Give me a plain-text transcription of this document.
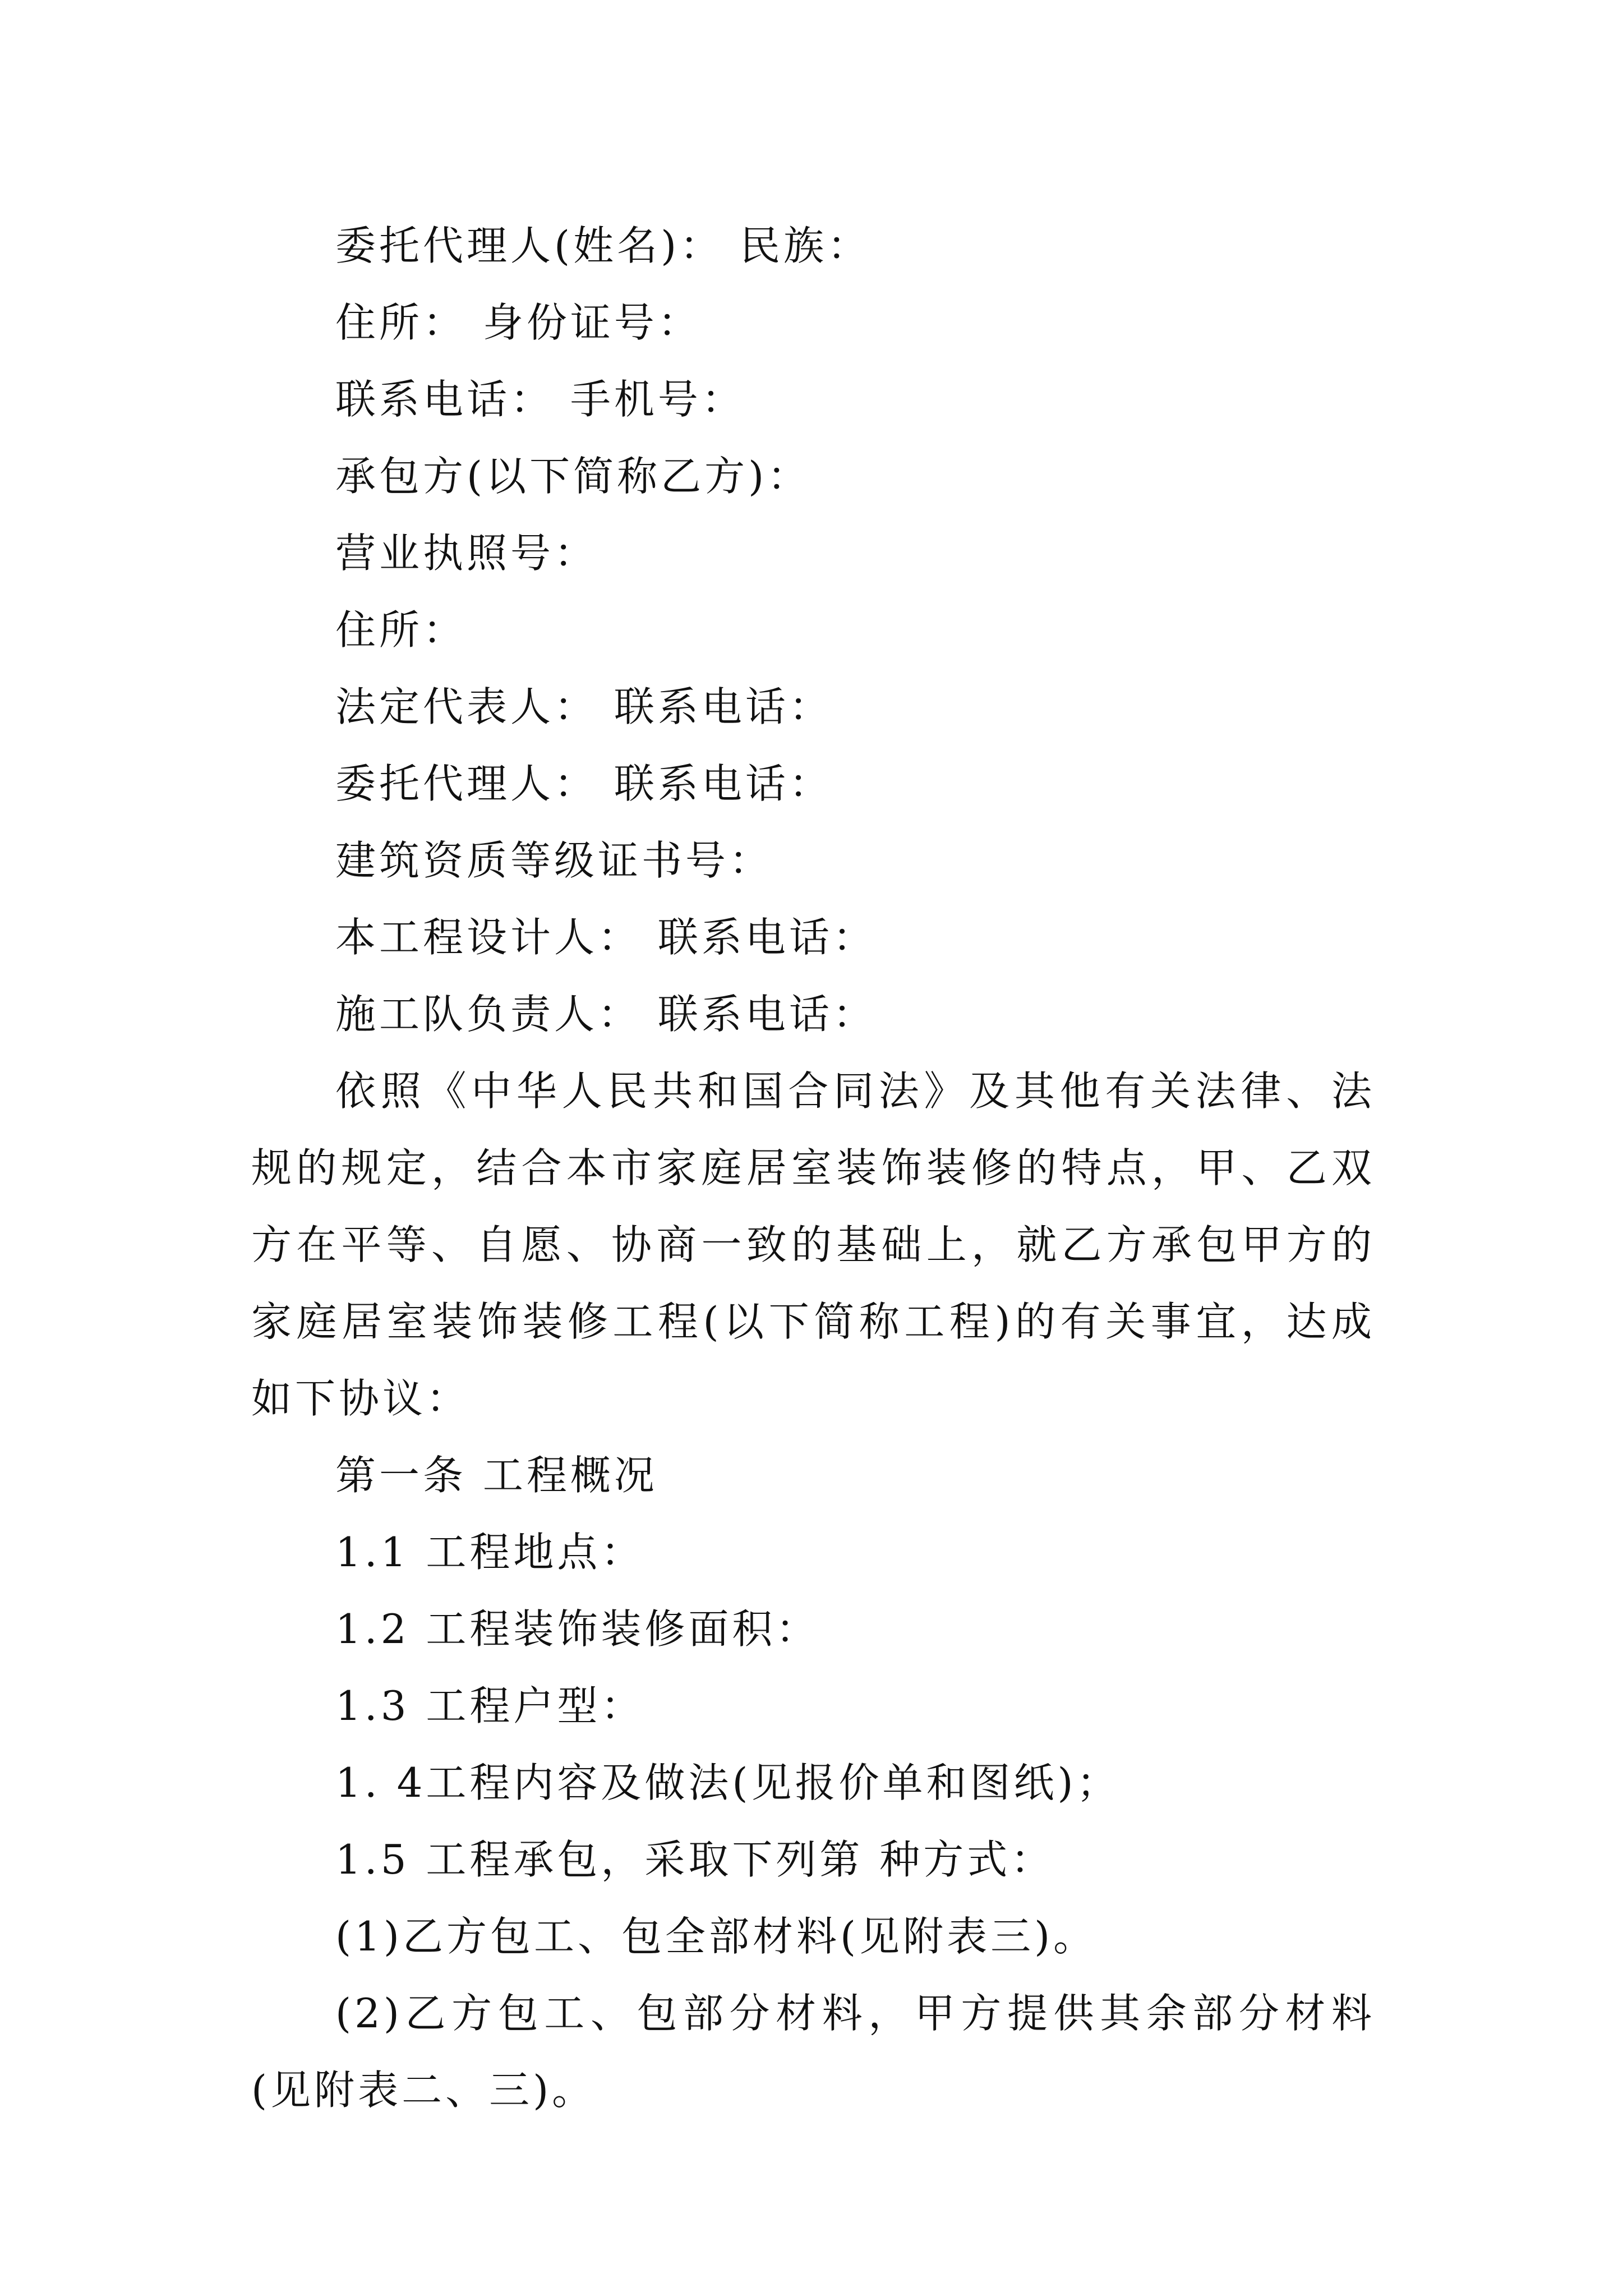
委托代理人(姓名)： 民族：
住所： 身份证号：
联系电话： 手机号：
承包方(以下简称乙方)：
营业执照号：
住所：
法定代表人： 联系电话：
委托代理人： 联系电话：
建筑资质等级证书号：
本工程设计人： 联系电话：
施工队负责人： 联系电话：

依照《中华人民共和国合同法》及其他有关法律、法规的规定，结合本市家庭居室装饰装修的特点，甲、乙双方在平等、自愿、协商一致的基础上，就乙方承包甲方的家庭居室装饰装修工程(以下简称工程)的有关事宜，达成如下协议：

第一条 工程概况
1.1 工程地点：
1.2 工程装饰装修面积：
1.3 工程户型：
1. 4工程内容及做法(见报价单和图纸)；
1.5 工程承包，采取下列第 种方式：
(1)乙方包工、包全部材料(见附表三)。

(2)乙方包工、包部分材料，甲方提供其余部分材料(见附表二、三)。
